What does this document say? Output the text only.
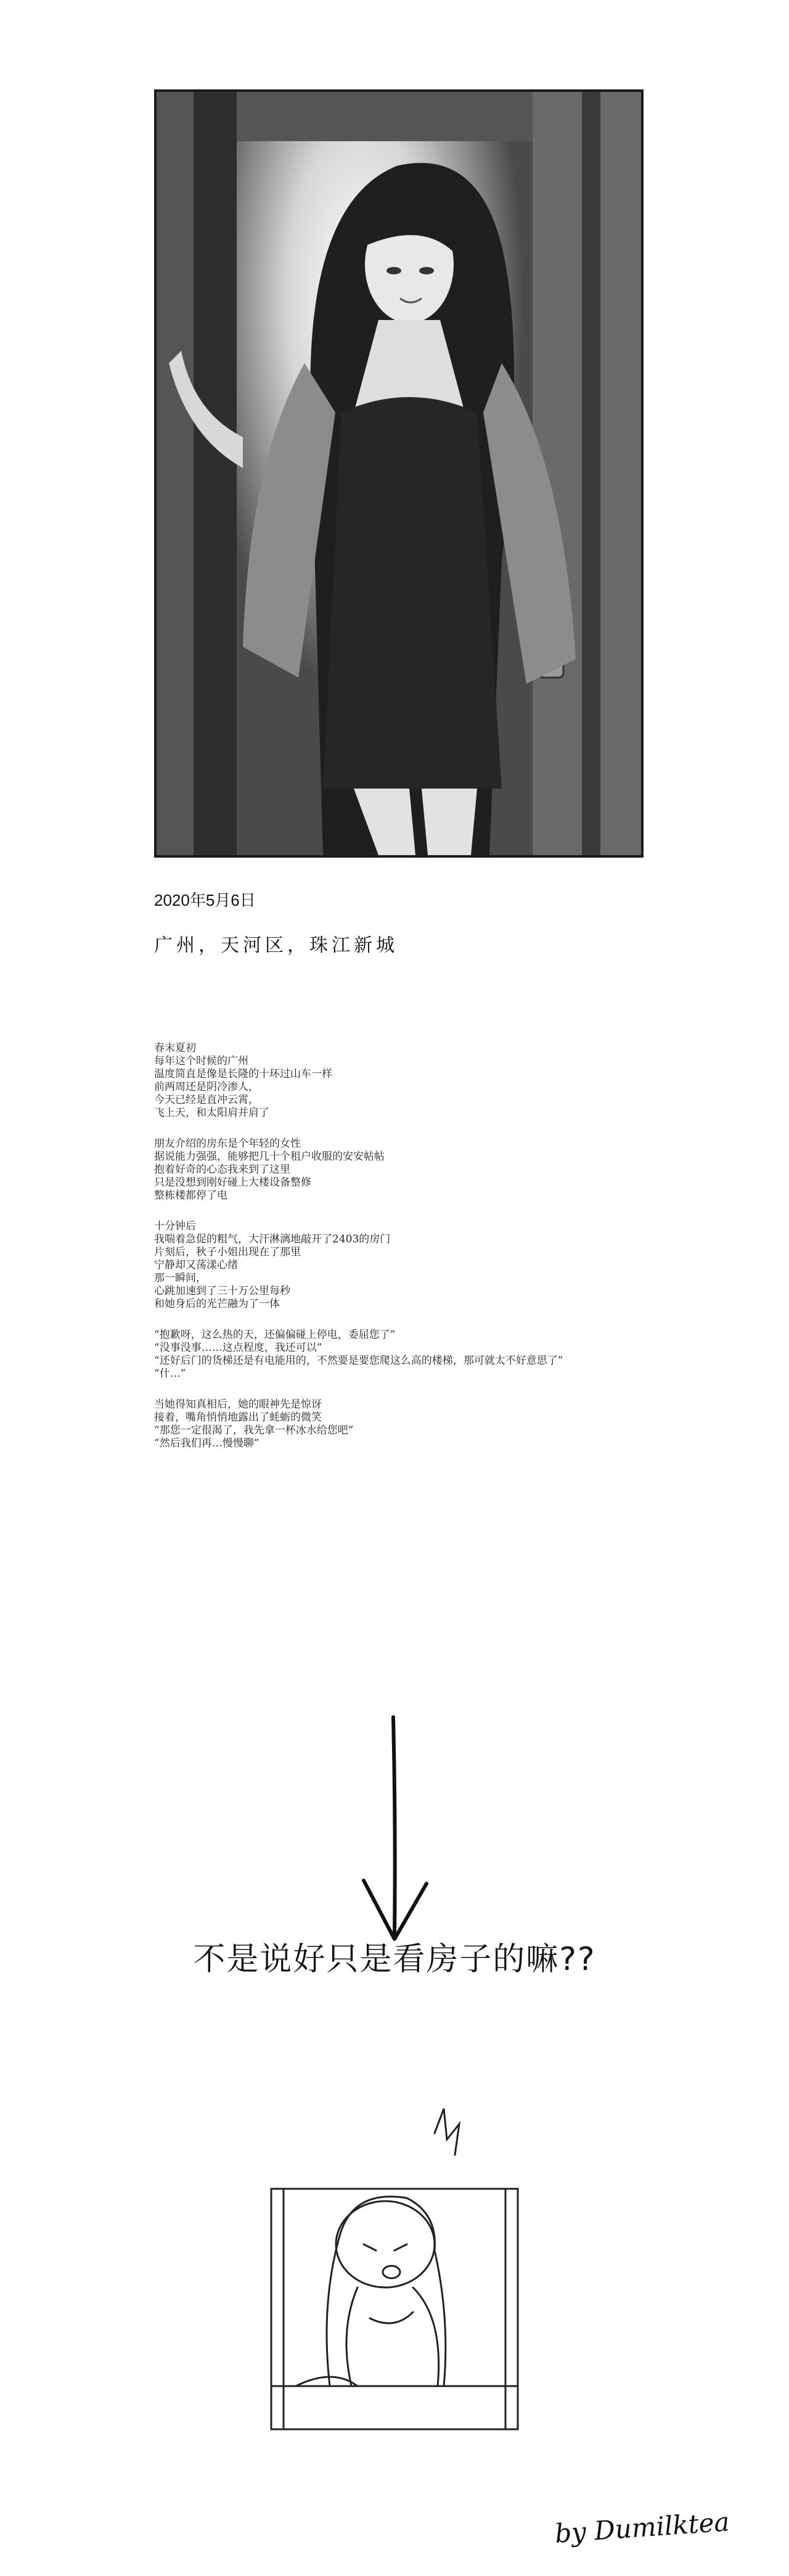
2020年5月6日
广州，天河区，珠江新城
春末夏初
每年这个时候的广州
温度简直是像是长隆的十环过山车一样
前两周还是阴冷渗人，
今天已经是直冲云霄，
飞上天，和太阳肩并肩了
朋友介绍的房东是个年轻的女性
据说能力强强，能够把几十个租户收服的安安帖帖
抱着好奇的心态我来到了这里
只是没想到刚好碰上大楼设备整修
整栋楼都停了电
十分钟后
我喘着急促的粗气，大汗淋漓地敲开了2403的房门
片刻后，秋子小姐出现在了那里
宁静却又荡漾心绪
那一瞬间，
心跳加速到了三十万公里每秒
和她身后的光芒融为了一体
“抱歉呀，这么热的天，还偏偏碰上停电，委屈您了”
“没事没事……这点程度，我还可以”
“还好后门的货梯还是有电能用的，不然要是要您爬这么高的楼梯，那可就太不好意思了”
“什…”
当她得知真相后，她的眼神先是惊讶
接着，嘴角悄悄地露出了蚝蛎的微笑
“那您一定很渴了，我先拿一杯冰水给您吧”
”然后我们再…慢慢聊”
不是说好只是看房子的嘛??
by Dumilktea
